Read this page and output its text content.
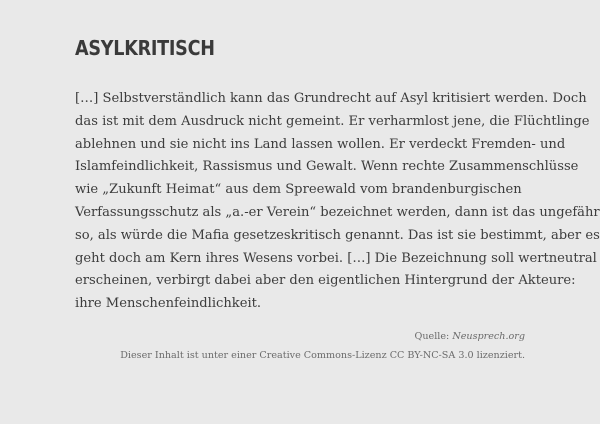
ASYLKRITISCH

[…] Selbstverständlich kann das Grundrecht auf Asyl kritisiert werden. Doch
das ist mit dem Ausdruck nicht gemeint. Er verharmlost jene, die Flüchtlinge
ablehnen und sie nicht ins Land lassen wollen. Er verdeckt Fremden- und
Islamfeindlichkeit, Rassismus und Gewalt. Wenn rechte Zusammenschlüsse
wie „Zukunft Heimat“ aus dem Spreewald vom brandenburgischen
Verfassungsschutz als „a.-er Verein“ bezeichnet werden, dann ist das ungefähr
so, als würde die Mafia gesetzeskritisch genannt. Das ist sie bestimmt, aber es
geht doch am Kern ihres Wesens vorbei. […] Die Bezeichnung soll wertneutral
erscheinen, verbirgt dabei aber den eigentlichen Hintergrund der Akteure:
ihre Menschenfeindlichkeit.

Quelle: Neusprech.org
Dieser Inhalt ist unter einer Creative Commons-Lizenz CC BY-NC-SA 3.0 lizenziert.
